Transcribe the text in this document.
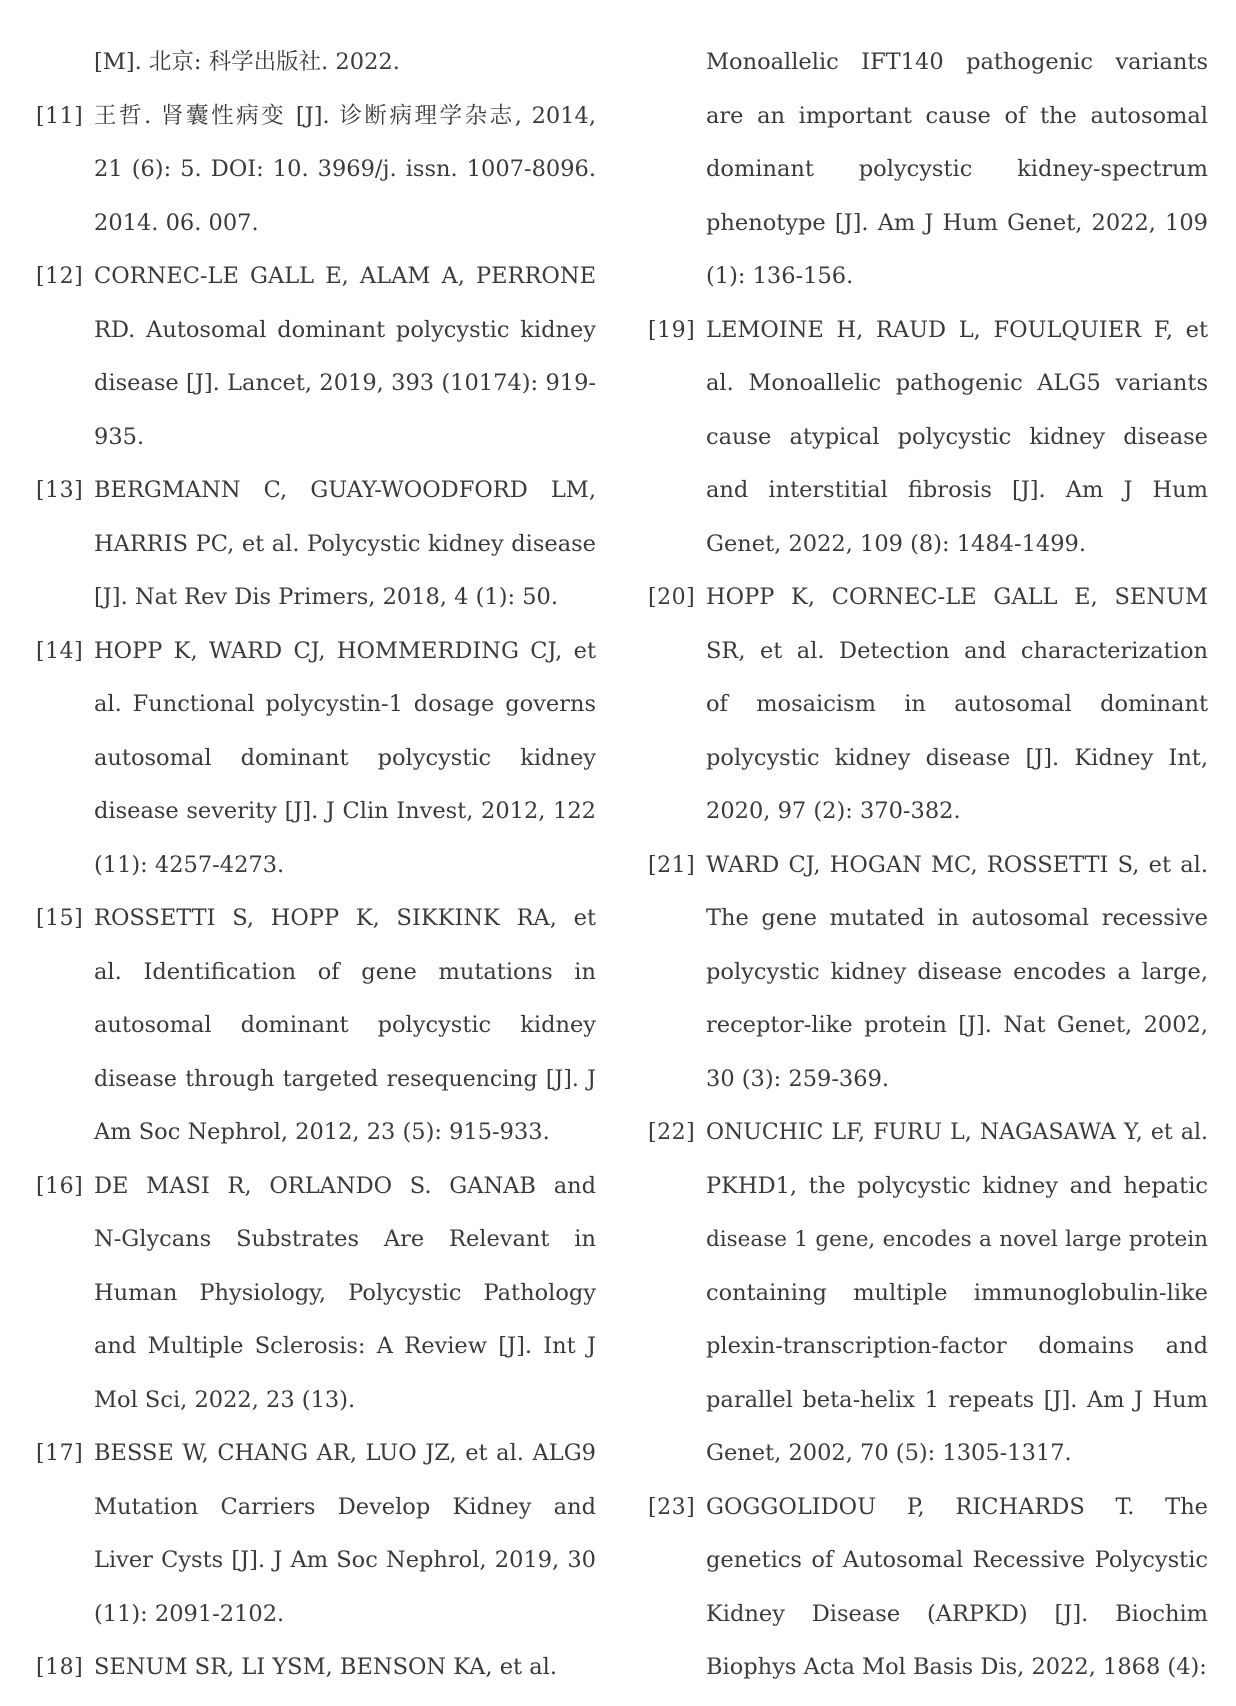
[M]. 北京: 科学出版社. 2022.
[11] 王哲. 肾囊性病变 [J]. 诊断病理学杂志, 2014,
21 (6): 5. DOI: 10. 3969/j. issn. 1007-8096.
2014. 06. 007.
[12] CORNEC-LE GALL E, ALAM A, PERRONE
RD. Autosomal dominant polycystic kidney
disease [J]. Lancet, 2019, 393 (10174): 919-
935.
[13] BERGMANN C, GUAY-WOODFORD LM,
HARRIS PC, et al. Polycystic kidney disease
[J]. Nat Rev Dis Primers, 2018, 4 (1): 50.
[14] HOPP K, WARD CJ, HOMMERDING CJ, et
al. Functional polycystin-1 dosage governs
autosomal dominant polycystic kidney
disease severity [J]. J Clin Invest, 2012, 122
(11): 4257-4273.
[15] ROSSETTI S, HOPP K, SIKKINK RA, et
al. Identification of gene mutations in
autosomal dominant polycystic kidney
disease through targeted resequencing [J]. J
Am Soc Nephrol, 2012, 23 (5): 915-933.
[16] DE MASI R, ORLANDO S. GANAB and
N-Glycans Substrates Are Relevant in
Human Physiology, Polycystic Pathology
and Multiple Sclerosis: A Review [J]. Int J
Mol Sci, 2022, 23 (13).
[17] BESSE W, CHANG AR, LUO JZ, et al. ALG9
Mutation Carriers Develop Kidney and
Liver Cysts [J]. J Am Soc Nephrol, 2019, 30
(11): 2091-2102.
[18] SENUM SR, LI YSM, BENSON KA, et al.
Monoallelic IFT140 pathogenic variants
are an important cause of the autosomal
dominant polycystic kidney-spectrum
phenotype [J]. Am J Hum Genet, 2022, 109
(1): 136-156.
[19] LEMOINE H, RAUD L, FOULQUIER F, et
al. Monoallelic pathogenic ALG5 variants
cause atypical polycystic kidney disease
and interstitial fibrosis [J]. Am J Hum
Genet, 2022, 109 (8): 1484-1499.
[20] HOPP K, CORNEC-LE GALL E, SENUM
SR, et al. Detection and characterization
of mosaicism in autosomal dominant
polycystic kidney disease [J]. Kidney Int,
2020, 97 (2): 370-382.
[21] WARD CJ, HOGAN MC, ROSSETTI S, et al.
The gene mutated in autosomal recessive
polycystic kidney disease encodes a large,
receptor-like protein [J]. Nat Genet, 2002,
30 (3): 259-369.
[22] ONUCHIC LF, FURU L, NAGASAWA Y, et al.
PKHD1, the polycystic kidney and hepatic
disease 1 gene, encodes a novel large protein
containing multiple immunoglobulin-like
plexin-transcription-factor domains and
parallel beta-helix 1 repeats [J]. Am J Hum
Genet, 2002, 70 (5): 1305-1317.
[23] GOGGOLIDOU P, RICHARDS T. The
genetics of Autosomal Recessive Polycystic
Kidney Disease (ARPKD) [J]. Biochim
Biophys Acta Mol Basis Dis, 2022, 1868 (4):
